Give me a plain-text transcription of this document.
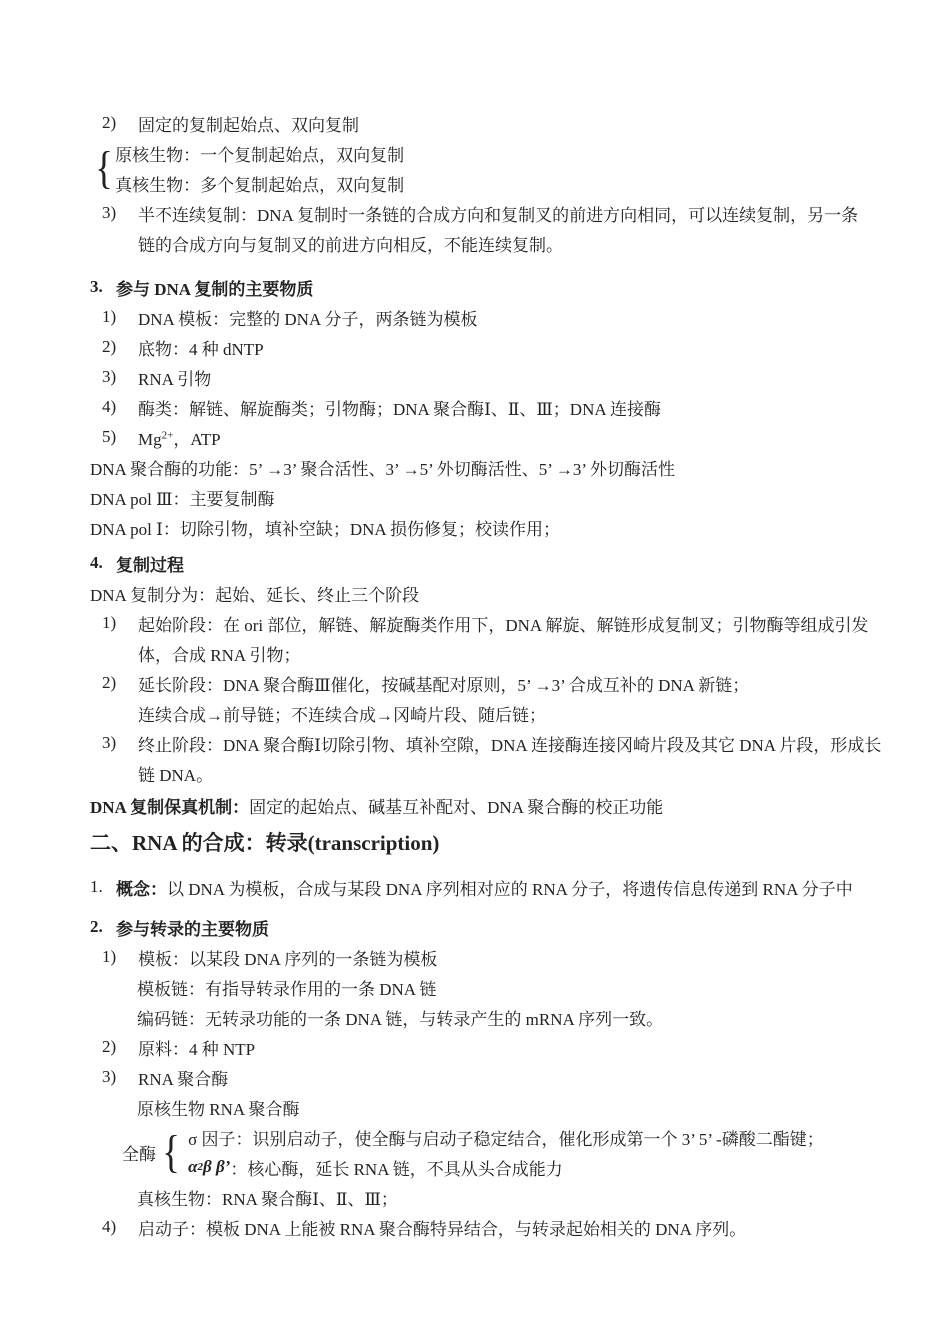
2)	固定的复制起始点、双向复制
{ 原核生物：一个复制起始点，双向复制
真核生物：多个复制起始点，双向复制
3)	半不连续复制：DNA 复制时一条链的合成方向和复制叉的前进方向相同，可以连续复制，另一条
链的合成方向与复制叉的前进方向相反，不能连续复制。
3. 参与 DNA 复制的主要物质
1)	DNA 模板：完整的 DNA 分子，两条链为模板
2)	底物：4 种 dNTP
3)	RNA 引物
4)	酶类：解链、解旋酶类；引物酶；DNA 聚合酶Ⅰ、Ⅱ、Ⅲ；DNA 连接酶
5)	$Mg^{2+}$，ATP
DNA 聚合酶的功能：5’ →3’ 聚合活性、3’ →5’ 外切酶活性、5’ →3’ 外切酶活性
DNA pol Ⅲ：主要复制酶
DNA pol Ⅰ：切除引物，填补空缺；DNA 损伤修复；校读作用；
4. 复制过程
DNA 复制分为：起始、延长、终止三个阶段
1)	起始阶段：在 ori 部位，解链、解旋酶类作用下，DNA 解旋、解链形成复制叉；引物酶等组成引发
体，合成 RNA 引物；
2)	延长阶段：DNA 聚合酶Ⅲ催化，按碱基配对原则，5’ →3’ 合成互补的 DNA 新链；
连续合成→前导链；不连续合成→冈崎片段、随后链；
3)	终止阶段：DNA 聚合酶Ⅰ切除引物、填补空隙，DNA 连接酶连接冈崎片段及其它 DNA 片段，形成长
链 DNA。
DNA 复制保真机制： 固定的起始点、碱基互补配对、DNA 聚合酶的校正功能
二、RNA 的合成：转录(transcription)
1. 概念： 以 DNA 为模板，合成与某段 DNA 序列相对应的 RNA 分子，将遗传信息传递到 RNA 分子中
2. 参与转录的主要物质
1)	模板：以某段 DNA 序列的一条链为模板
模板链：有指导转录作用的一条 DNA 链
编码链：无转录功能的一条 DNA 链，与转录产生的 mRNA 序列一致。
2)	原料：4 种 NTP
3)	RNA 聚合酶
原核生物 RNA 聚合酶
全酶 { σ 因子：识别启动子，使全酶与启动子稳定结合，催化形成第一个 3’ 5’ -磷酸二酯键；
α 2 β β’ ：核心酶，延长 RNA 链，不具从头合成能力
真核生物：RNA 聚合酶Ⅰ、Ⅱ、Ⅲ；
4)	启动子：模板 DNA 上能被 RNA 聚合酶特异结合，与转录起始相关的 DNA 序列。
